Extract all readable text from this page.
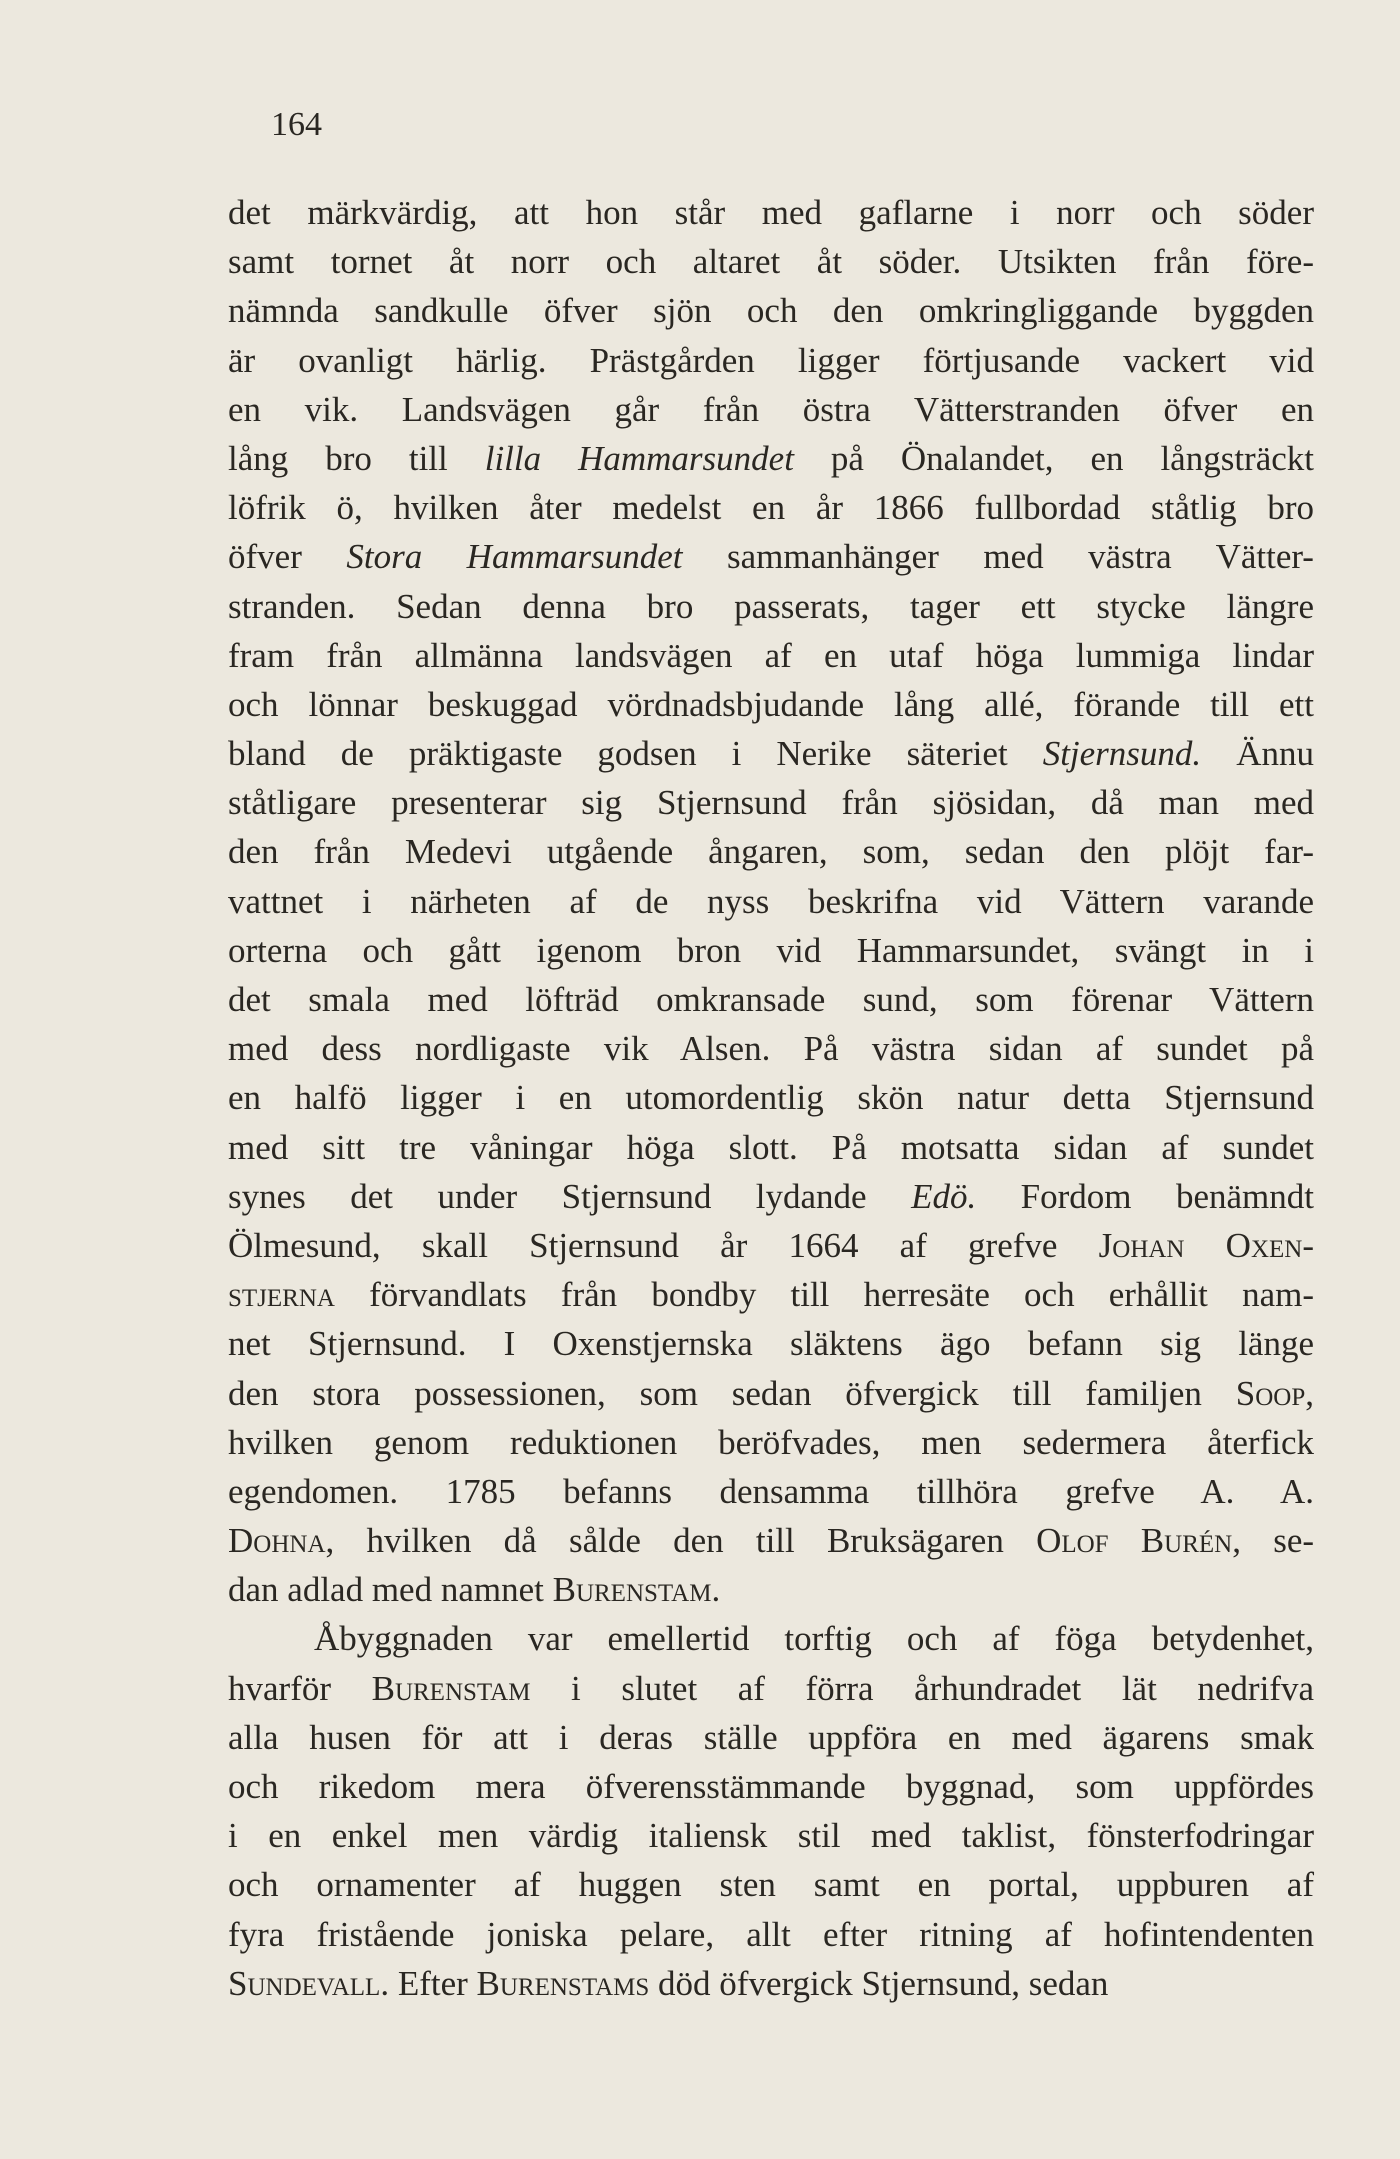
164
det märkvärdig, att hon står med gaflarne i norr och söder
samt tornet åt norr och altaret åt söder. Utsikten från före-
nämnda sandkulle öfver sjön och den omkringliggande byggden
är ovanligt härlig. Prästgården ligger förtjusande vackert vid
en vik. Landsvägen går från östra Vätterstranden öfver en
lång bro till lilla Hammarsundet på Önalandet, en långsträckt
löfrik ö, hvilken åter medelst en år 1866 fullbordad ståtlig bro
öfver Stora Hammarsundet sammanhänger med västra Vätter-
stranden. Sedan denna bro passerats, tager ett stycke längre
fram från allmänna landsvägen af en utaf höga lummiga lindar
och lönnar beskuggad vördnadsbjudande lång allé, förande till ett
bland de präktigaste godsen i Nerike säteriet Stjernsund. Ännu
ståtligare presenterar sig Stjernsund från sjösidan, då man med
den från Medevi utgående ångaren, som, sedan den plöjt far-
vattnet i närheten af de nyss beskrifna vid Vättern varande
orterna och gått igenom bron vid Hammarsundet, svängt in i
det smala med löfträd omkransade sund, som förenar Vättern
med dess nordligaste vik Alsen. På västra sidan af sundet på
en halfö ligger i en utomordentlig skön natur detta Stjernsund
med sitt tre våningar höga slott. På motsatta sidan af sundet
synes det under Stjernsund lydande Edö. Fordom benämndt
Ölmesund, skall Stjernsund år 1664 af grefve Johan Oxen-
stjerna förvandlats från bondby till herresäte och erhållit nam-
net Stjernsund. I Oxenstjernska släktens ägo befann sig länge
den stora possessionen, som sedan öfvergick till familjen Soop,
hvilken genom reduktionen beröfvades, men sedermera återfick
egendomen. 1785 befanns densamma tillhöra grefve A. A.
Dohna, hvilken då sålde den till Bruksägaren Olof Burén, se-
dan adlad med namnet Burenstam.
Åbyggnaden var emellertid torftig och af föga betydenhet,
hvarför Burenstam i slutet af förra århundradet lät nedrifva
alla husen för att i deras ställe uppföra en med ägarens smak
och rikedom mera öfverensstämmande byggnad, som uppfördes
i en enkel men värdig italiensk stil med taklist, fönsterfodringar
och ornamenter af huggen sten samt en portal, uppburen af
fyra fristående joniska pelare, allt efter ritning af hofintendenten
Sundevall. Efter Burenstams död öfvergick Stjernsund, sedan
